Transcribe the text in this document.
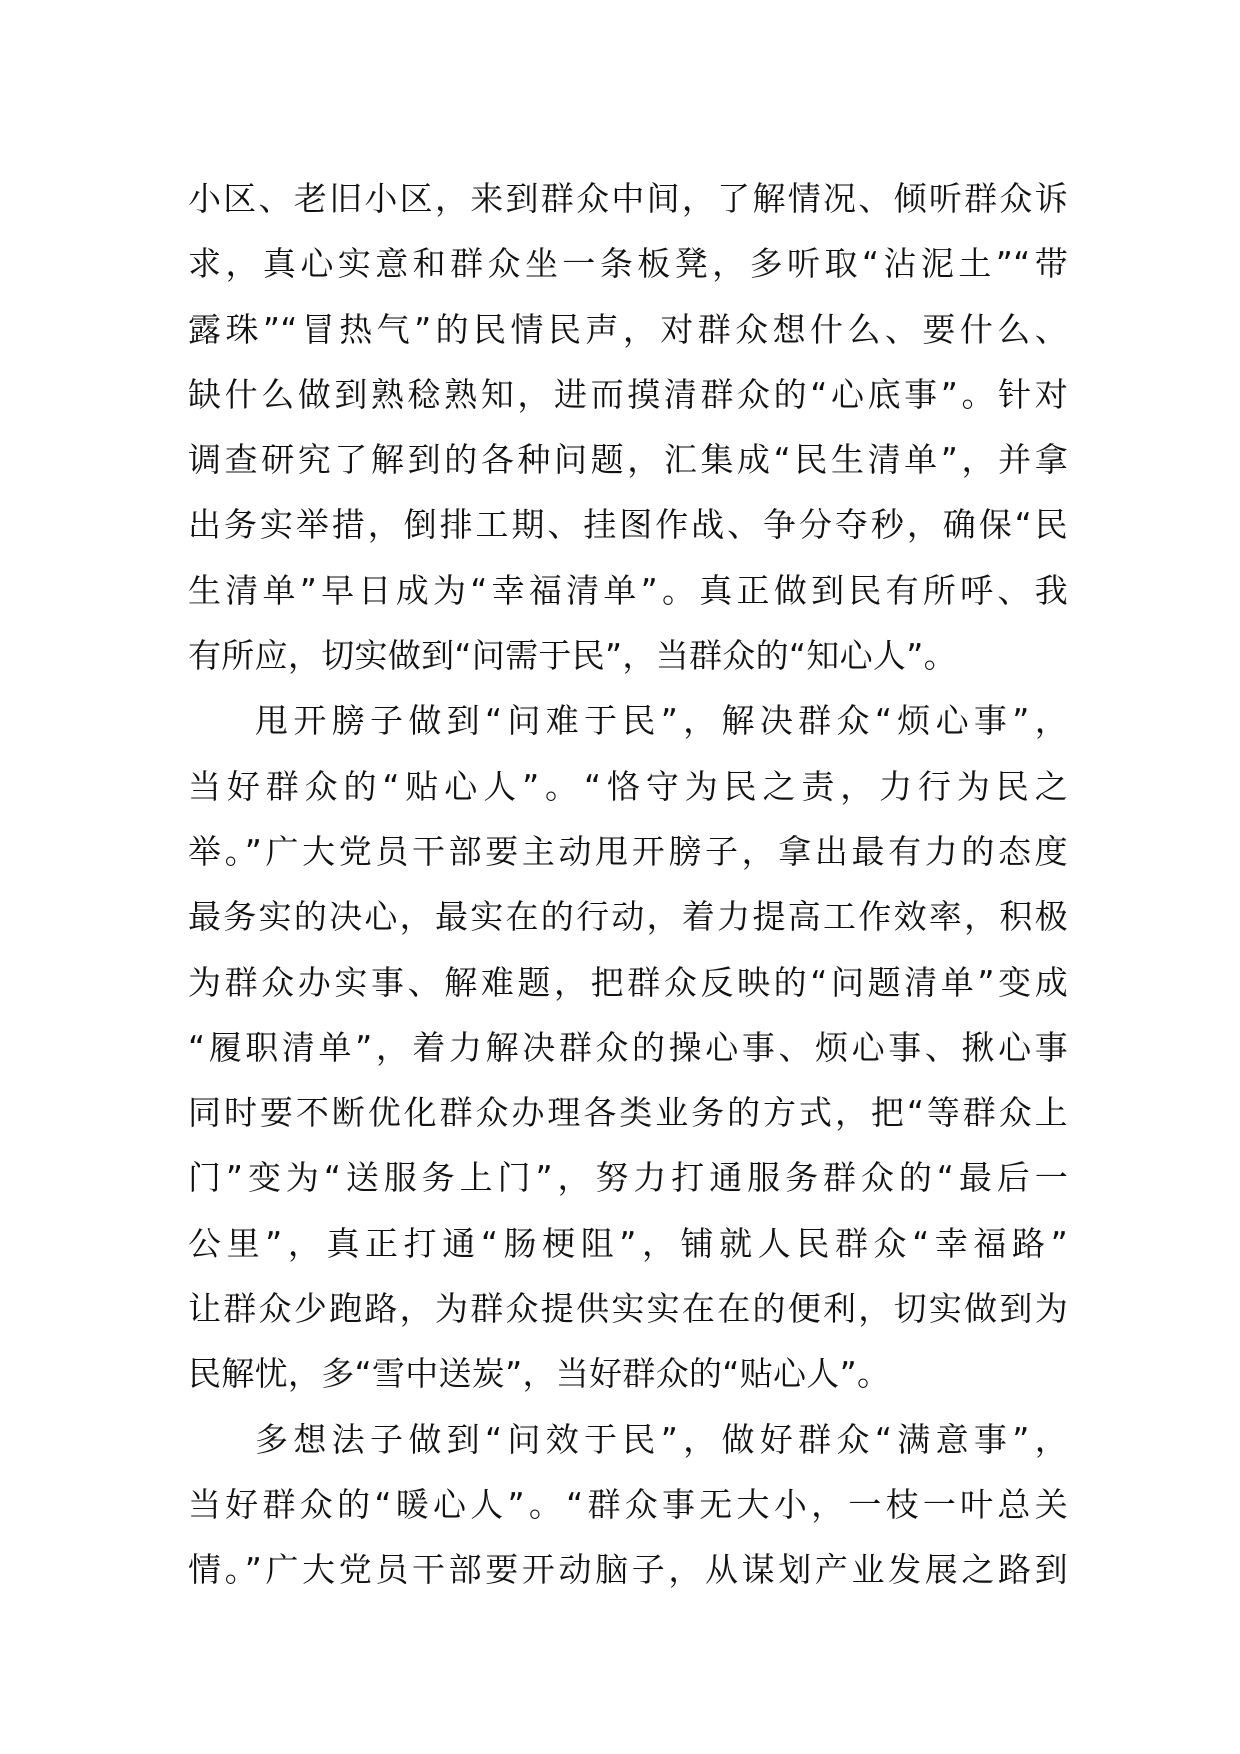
小区、老旧小区，来到群众中间，了解情况、倾听群众诉
求，真心实意和群众坐一条板凳，多听取“沾泥土”“带
露珠”“冒热气”的民情民声，对群众想什么、要什么、
缺什么做到熟稔熟知，进而摸清群众的“心底事”。针对
调查研究了解到的各种问题，汇集成“民生清单”，并拿
出务实举措，倒排工期、挂图作战、争分夺秒，确保“民
生清单”早日成为“幸福清单”。真正做到民有所呼、我
有所应，切实做到“问需于民”，当群众的“知心人”。
甩开膀子做到“问难于民”，解决群众“烦心事”，
当好群众的“贴心人”。“恪守为民之责，力行为民之
举。”广大党员干部要主动甩开膀子，拿出最有力的态度
最务实的决心，最实在的行动，着力提高工作效率，积极
为群众办实事、解难题，把群众反映的“问题清单”变成
“履职清单”，着力解决群众的操心事、烦心事、揪心事
同时要不断优化群众办理各类业务的方式，把“等群众上
门”变为“送服务上门”，努力打通服务群众的“最后一
公里”，真正打通“肠梗阻”，铺就人民群众“幸福路”
让群众少跑路，为群众提供实实在在的便利，切实做到为
民解忧，多“雪中送炭”，当好群众的“贴心人”。
多想法子做到“问效于民”，做好群众“满意事”，
当好群众的“暖心人”。“群众事无大小，一枝一叶总关
情。”广大党员干部要开动脑子，从谋划产业发展之路到
